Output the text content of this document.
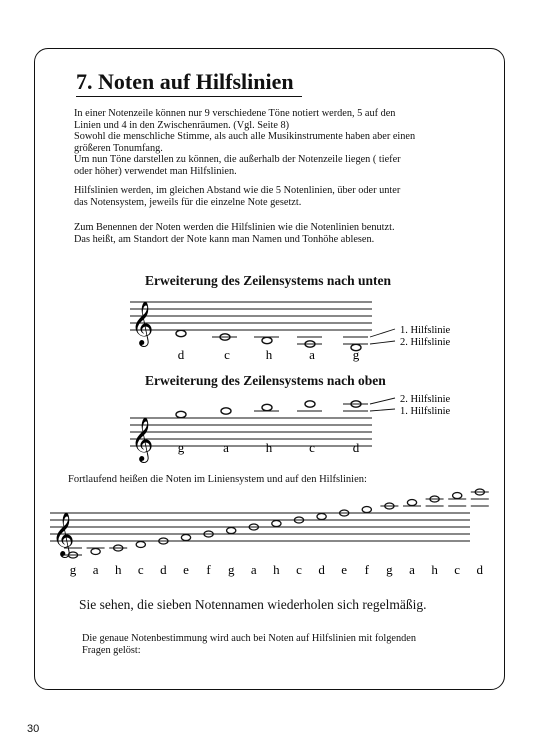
7. Noten auf Hilfslinien
In einer Notenzeile können nur 9 verschiedene Töne notiert werden, 5 auf den
Linien und 4 in den Zwischenräumen. (Vgl. Seite 8)
Sowohl die menschliche Stimme, als auch alle Musikinstrumente haben aber einen
größeren Tonumfang.
Um nun Töne darstellen zu können, die außerhalb der Notenzeile liegen ( tiefer
oder höher) verwendet man Hilfslinien.
Hilfslinien werden, im gleichen Abstand wie die 5 Notenlinien, über oder unter
das Notensystem, jeweils für die einzelne Note gesetzt.
Zum Benennen der Noten werden die Hilfslinien wie die Notenlinien benutzt.
Das heißt, am Standort der Note kann man Namen und Tonhöhe ablesen.
Erweiterung des Zeilensystems nach unten
Erweiterung des Zeilensystems nach oben

Fortlaufend heißen die Noten im Liniensystem und auf den Hilfslinien:

Sie sehen, die sieben Notennamen wiederholen sich regelmäßig.

Die genaue Notenbestimmung wird auch bei Noten auf Hilfslinien mit folgenden
Fragen gelöst:

30

𝄞	1. Hilfslinie
2. Hilfslinie
d	c	h	a	g
𝄞
2. Hilfslinie
1. Hilfslinie
g	a	h	c	d
𝄞
g a h c d e f g a h c d e f g a h c d
